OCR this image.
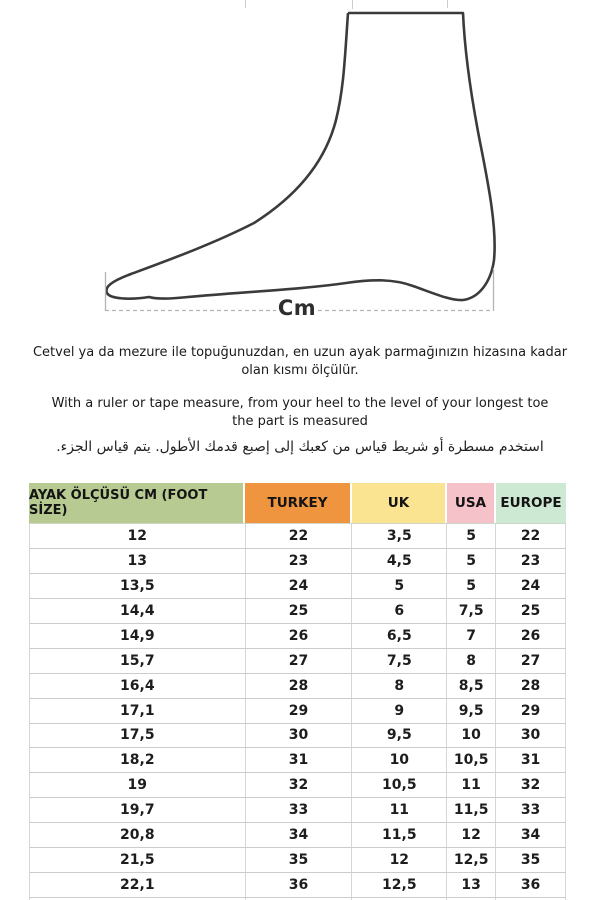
Cm
Cetvel ya da mezure ile topuğunuzdan, en uzun ayak parmağınızın hizasına kadar
olan kısmı ölçülür.
With a ruler or tape measure, from your heel to the level of your longest toe
the part is measured
استخدم مسطرة أو شريط قياس من كعبك إلى إصبع قدمك الأطول. يتم قياس الجزء.
AYAK ÖLÇÜSÜ CM (FOOT SİZE)	TURKEY	UK	USA	EUROPE
12	22	3,5	5	22
13	23	4,5	5	23
13,5	24	5	5	24
14,4	25	6	7,5	25
14,9	26	6,5	7	26
15,7	27	7,5	8	27
16,4	28	8	8,5	28
17,1	29	9	9,5	29
17,5	30	9,5	10	30
18,2	31	10	10,5	31
19	32	10,5	11	32
19,7	33	11	11,5	33
20,8	34	11,5	12	34
21,5	35	12	12,5	35
22,1	36	12,5	13	36
